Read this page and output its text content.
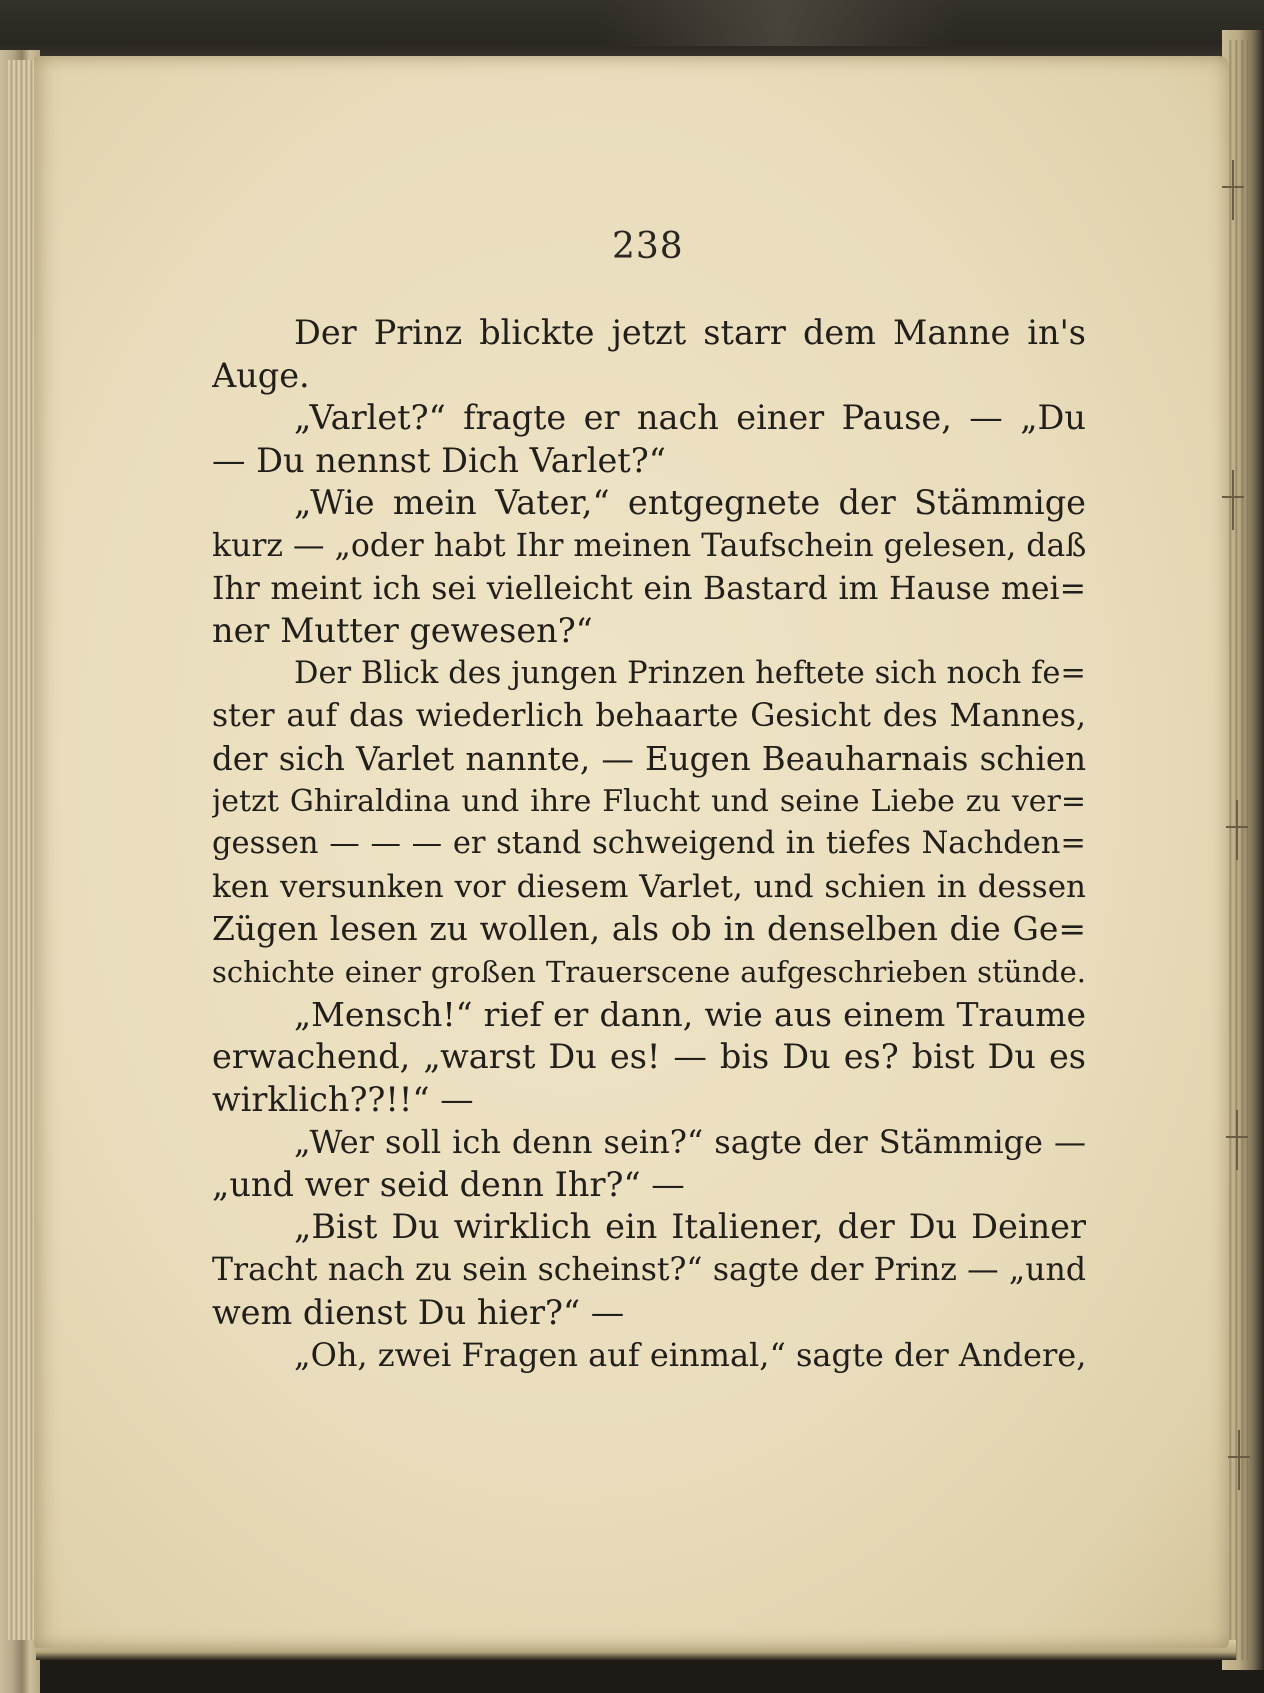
238
Der Prinz blickte jetzt starr dem Manne in's
Auge.
„Varlet?“ fragte er nach einer Pause, — „Du
— Du nennst Dich Varlet?“
„Wie mein Vater,“ entgegnete der Stämmige
kurz — „oder habt Ihr meinen Taufschein gelesen, daß
Ihr meint ich sei vielleicht ein Bastard im Hause mei=
ner Mutter gewesen?“
Der Blick des jungen Prinzen heftete sich noch fe=
ster auf das wiederlich behaarte Gesicht des Mannes,
der sich Varlet nannte, — Eugen Beauharnais schien
jetzt Ghiraldina und ihre Flucht und seine Liebe zu ver=
gessen — — — er stand schweigend in tiefes Nachden=
ken versunken vor diesem Varlet, und schien in dessen
Zügen lesen zu wollen, als ob in denselben die Ge=
schichte einer großen Trauerscene aufgeschrieben stünde.
„Mensch!“ rief er dann, wie aus einem Traume
erwachend, „warst Du es! — bis Du es? bist Du es
wirklich??!!“ —
„Wer soll ich denn sein?“ sagte der Stämmige —
„und wer seid denn Ihr?“ —
„Bist Du wirklich ein Italiener, der Du Deiner
Tracht nach zu sein scheinst?“ sagte der Prinz — „und
wem dienst Du hier?“ —
„Oh, zwei Fragen auf einmal,“ sagte der Andere,
